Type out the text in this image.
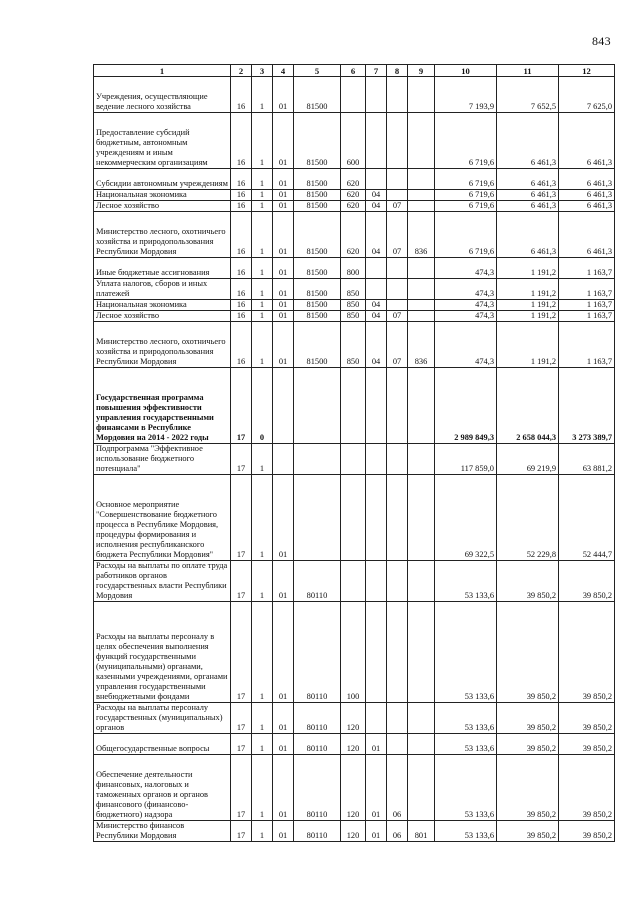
843
1	2	3	4	5	6	7	8	9	10	11	12
Учреждения, осуществляющие ведение лесного хозяйства	16	1	01	81500					7 193,9	7 652,5	7 625,0
Предоставление субсидий бюджетным, автономным учреждениям и иным некоммерческим организациям	16	1	01	81500	600				6 719,6	6 461,3	6 461,3
Субсидии автономным учреждениям	16	1	01	81500	620				6 719,6	6 461,3	6 461,3
Национальная экономика	16	1	01	81500	620	04			6 719,6	6 461,3	6 461,3
Лесное хозяйство	16	1	01	81500	620	04	07		6 719,6	6 461,3	6 461,3
Министерство лесного, охотничьего хозяйства и природопользования Республики Мордовия	16	1	01	81500	620	04	07	836	6 719,6	6 461,3	6 461,3
Иные бюджетные ассигнования	16	1	01	81500	800				474,3	1 191,2	1 163,7
Уплата налогов, сборов и иных платежей	16	1	01	81500	850				474,3	1 191,2	1 163,7
Национальная экономика	16	1	01	81500	850	04			474,3	1 191,2	1 163,7
Лесное хозяйство	16	1	01	81500	850	04	07		474,3	1 191,2	1 163,7
Министерство лесного, охотничьего хозяйства и природопользования Республики Мордовия	16	1	01	81500	850	04	07	836	474,3	1 191,2	1 163,7
Государственная программа повышения эффективности управления государственными финансами в Республике Мордовия на 2014 - 2022 годы	17	0							2 989 849,3	2 658 044,3	3 273 389,7
Подпрограмма "Эффективное использование бюджетного потенциала"	17	1							117 859,0	69 219,9	63 881,2
Основное мероприятие "Совершенствование бюджетного процесса в Республике Мордовия, процедуры формирования и исполнения республиканского бюджета Республики Мордовия"	17	1	01						69 322,5	52 229,8	52 444,7
Расходы на выплаты по оплате труда работников органов государственных власти Республики Мордовия	17	1	01	80110					53 133,6	39 850,2	39 850,2
Расходы на выплаты персоналу в целях обеспечения выполнения функций государственными (муниципальными) органами, казенными учреждениями, органами управления государственными внебюджетными фондами	17	1	01	80110	100				53 133,6	39 850,2	39 850,2
Расходы на выплаты персоналу государственных (муниципальных) органов	17	1	01	80110	120				53 133,6	39 850,2	39 850,2
Общегосударственные вопросы	17	1	01	80110	120	01			53 133,6	39 850,2	39 850,2
Обеспечение деятельности финансовых, налоговых и таможенных органов и органов финансового (финансово-бюджетного) надзора	17	1	01	80110	120	01	06		53 133,6	39 850,2	39 850,2
Министерство финансов Республики Мордовия	17	1	01	80110	120	01	06	801	53 133,6	39 850,2	39 850,2
